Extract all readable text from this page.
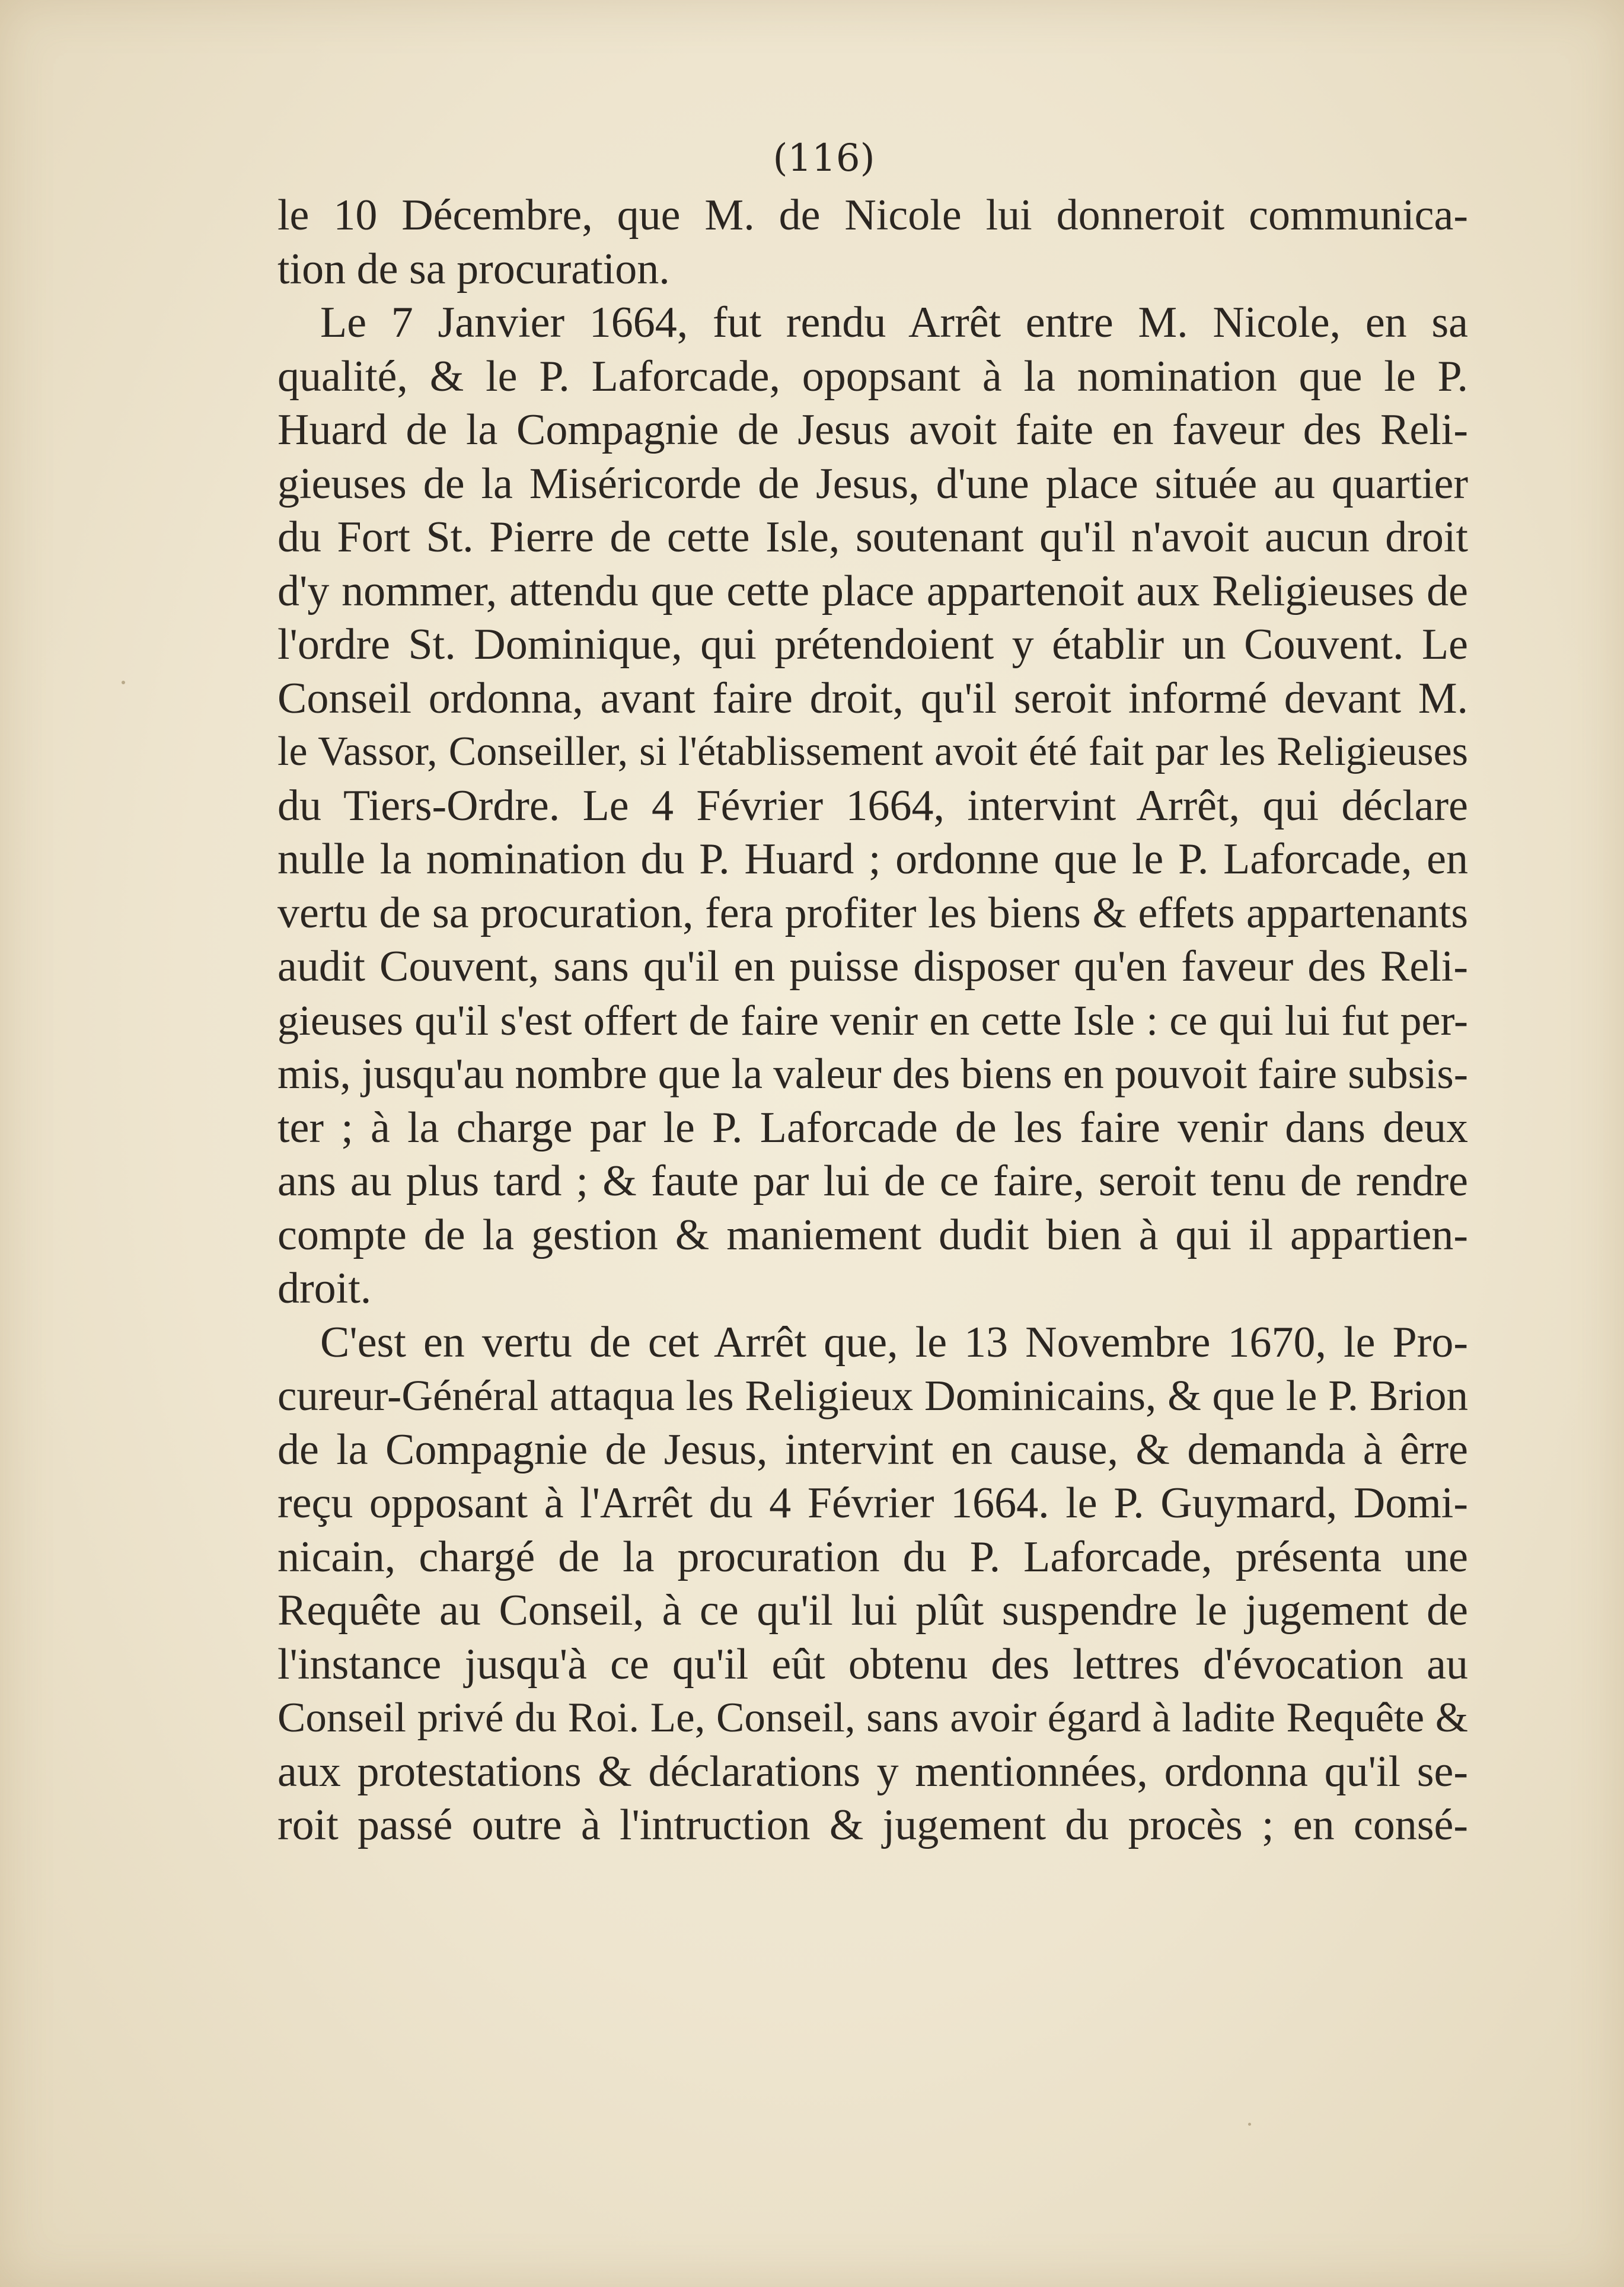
(116)
le 10 Décembre, que M. de Nicole lui donneroit communica-
tion de sa procuration.
Le 7 Janvier 1664, fut rendu Arrêt entre M. Nicole, en sa
qualité, & le P. Laforcade, opopsant à la nomination que le P.
Huard de la Compagnie de Jesus avoit faite en faveur des Reli-
gieuses de la Miséricorde de Jesus, d'une place située au quartier
du Fort St. Pierre de cette Isle, soutenant qu'il n'avoit aucun droit
d'y nommer, attendu que cette place appartenoit aux Religieuses de
l'ordre St. Dominique, qui prétendoient y établir un Couvent. Le
Conseil ordonna, avant faire droit, qu'il seroit informé devant M.
le Vassor, Conseiller, si l'établissement avoit été fait par les Religieuses
du Tiers-Ordre. Le 4 Février 1664, intervint Arrêt, qui déclare
nulle la nomination du P. Huard ; ordonne que le P. Laforcade, en
vertu de sa procuration, fera profiter les biens & effets appartenants
audit Couvent, sans qu'il en puisse disposer qu'en faveur des Reli-
gieuses qu'il s'est offert de faire venir en cette Isle : ce qui lui fut per-
mis, jusqu'au nombre que la valeur des biens en pouvoit faire subsis-
ter ; à la charge par le P. Laforcade de les faire venir dans deux
ans au plus tard ; & faute par lui de ce faire, seroit tenu de rendre
compte de la gestion & maniement dudit bien à qui il appartien-
droit.
C'est en vertu de cet Arrêt que, le 13 Novembre 1670, le Pro-
cureur-Général attaqua les Religieux Dominicains, & que le P. Brion
de la Compagnie de Jesus, intervint en cause, & demanda à êrre
reçu opposant à l'Arrêt du 4 Février 1664. le P. Guymard, Domi-
nicain, chargé de la procuration du P. Laforcade, présenta une
Requête au Conseil, à ce qu'il lui plût suspendre le jugement de
l'instance jusqu'à ce qu'il eût obtenu des lettres d'évocation au
Conseil privé du Roi. Le, Conseil, sans avoir égard à ladite Requête &
aux protestations & déclarations y mentionnées, ordonna qu'il se-
roit passé outre à l'intruction & jugement du procès ; en consé-
